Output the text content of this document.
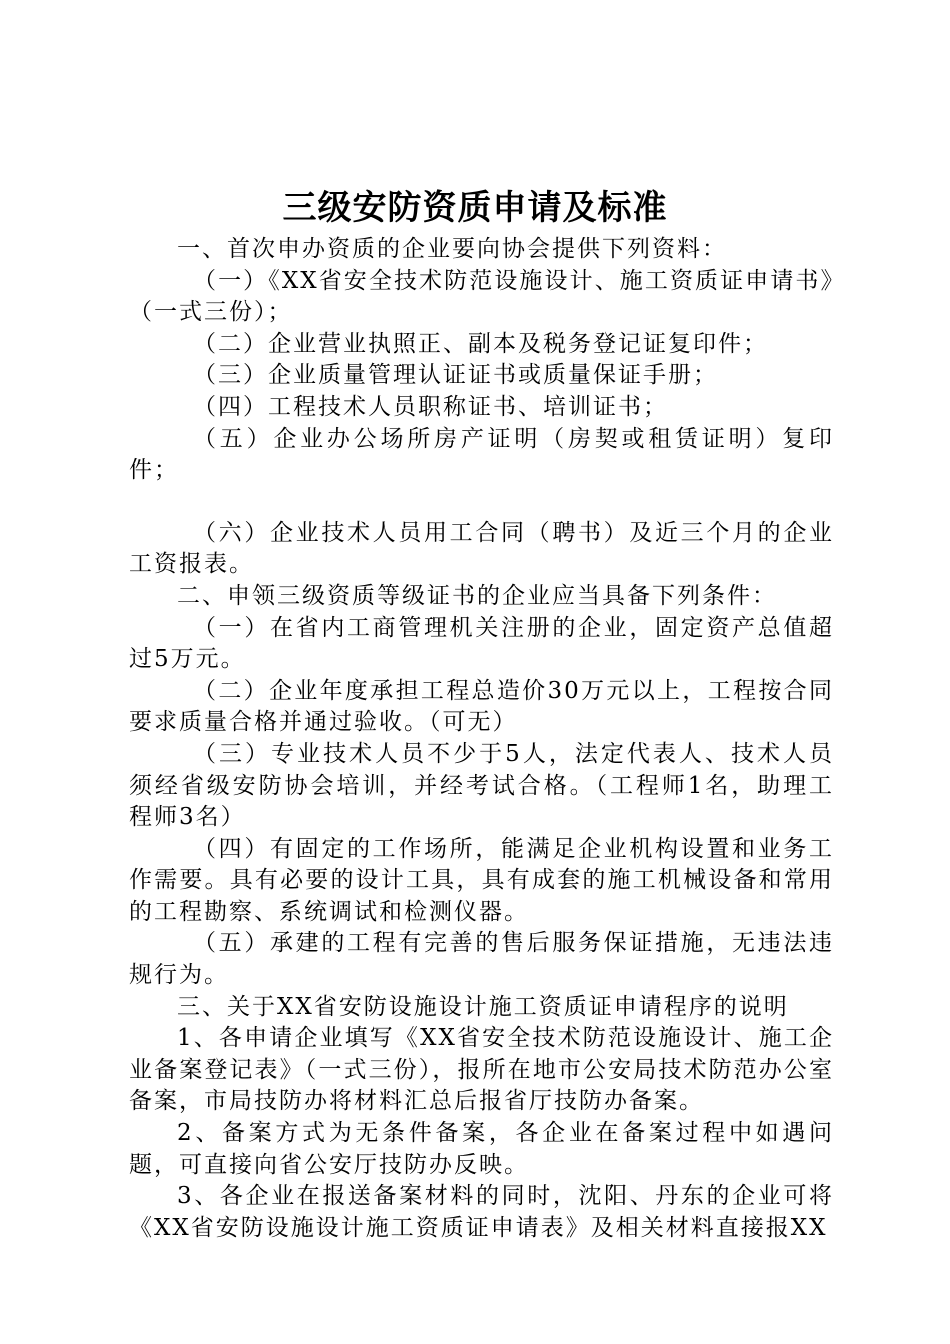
三级安防资质申请及标准

一、首次申办资质的企业要向协会提供下列资料：

（一）《XX省安全技术防范设施设计、施工资质证申请书》（一式三份）；

（二）企业营业执照正、副本及税务登记证复印件；

（三）企业质量管理认证证书或质量保证手册；

（四）工程技术人员职称证书、培训证书；

（五）企业办公场所房产证明（房契或租赁证明）复印件；

（六）企业技术人员用工合同（聘书）及近三个月的企业工资报表。

二、申领三级资质等级证书的企业应当具备下列条件：

（一）在省内工商管理机关注册的企业，固定资产总值超过5万元。

（二）企业年度承担工程总造价30万元以上，工程按合同要求质量合格并通过验收。（可无）

（三）专业技术人员不少于5人，法定代表人、技术人员须经省级安防协会培训，并经考试合格。（工程师1名，助理工程师3名）

（四）有固定的工作场所，能满足企业机构设置和业务工作需要。具有必要的设计工具，具有成套的施工机械设备和常用的工程勘察、系统调试和检测仪器。

（五）承建的工程有完善的售后服务保证措施，无违法违规行为。

三、关于XX省安防设施设计施工资质证申请程序的说明

1、各申请企业填写《XX省安全技术防范设施设计、施工企业备案登记表》（一式三份），报所在地市公安局技术防范办公室备案，市局技防办将材料汇总后报省厅技防办备案。

2、备案方式为无条件备案，各企业在备案过程中如遇问题，可直接向省公安厅技防办反映。

3、各企业在报送备案材料的同时，沈阳、丹东的企业可将《XX省安防设施设计施工资质证申请表》及相关材料直接报XX
